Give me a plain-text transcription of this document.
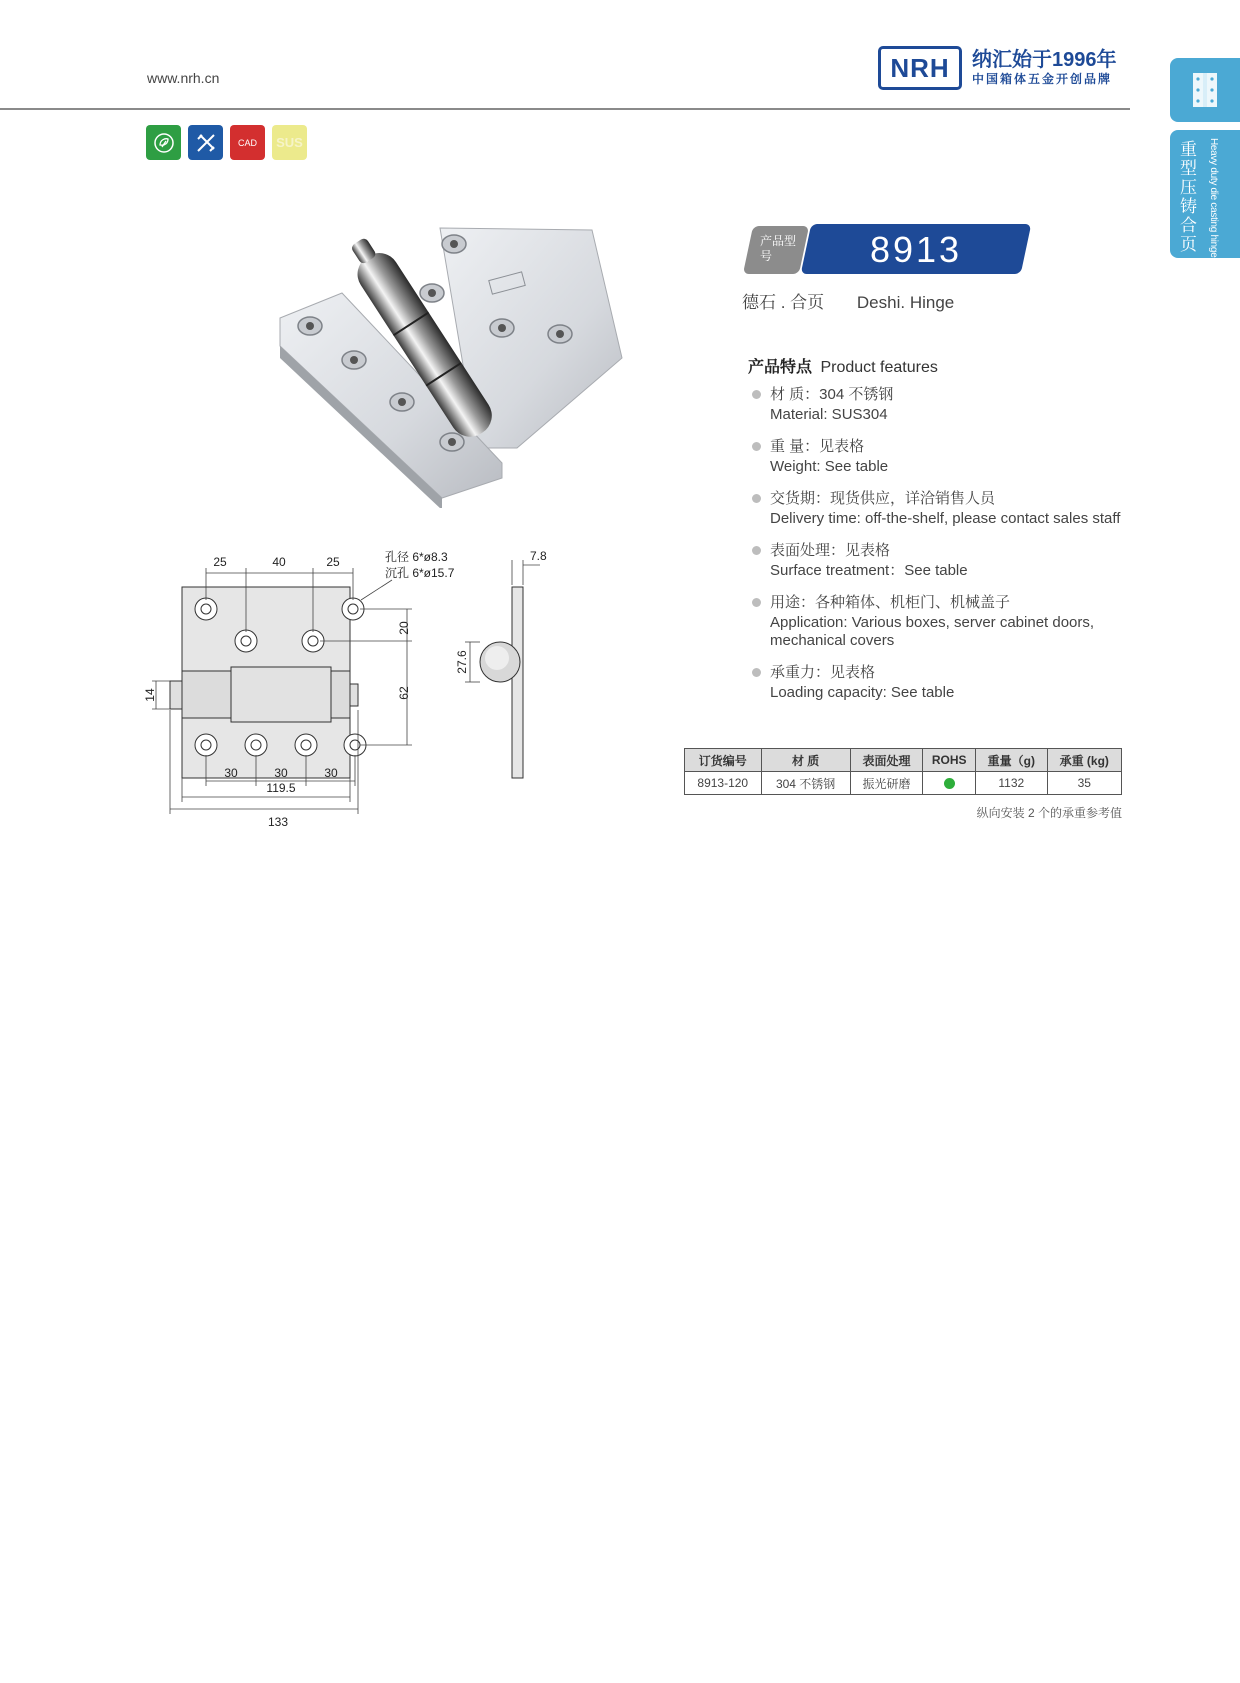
www.nrh.cn	NRH 纳汇始于1996年
中国箱体五金开创品牌
重型压铸合页	Heavy duty die casting hinge
CAD SUS
25	40	25
30	30	30
119.5
133
孔径 6*ø8.3
沉孔 6*ø15.7
7.8
20
62
14
27.6
产品型号	8913
德石 . 合页 Deshi. Hinge
产品特点 Product features
材 质：304 不锈钢
Material: SUS304
重 量：见表格
Weight: See table
交货期：现货供应，详洽销售人员
Delivery time: off-the-shelf, please contact sales staff
表面处理：见表格
Surface treatment：See table
用途：各种箱体、机柜门、机械盖子
Application: Various boxes, server cabinet doors, mechanical covers
承重力：见表格
Loading capacity: See table
订货编号	材 质	表面处理	ROHS	重量（g)	承重 (kg)
8913-120	304 不锈钢	振光研磨		1132	35
纵向安装 2 个的承重参考值
